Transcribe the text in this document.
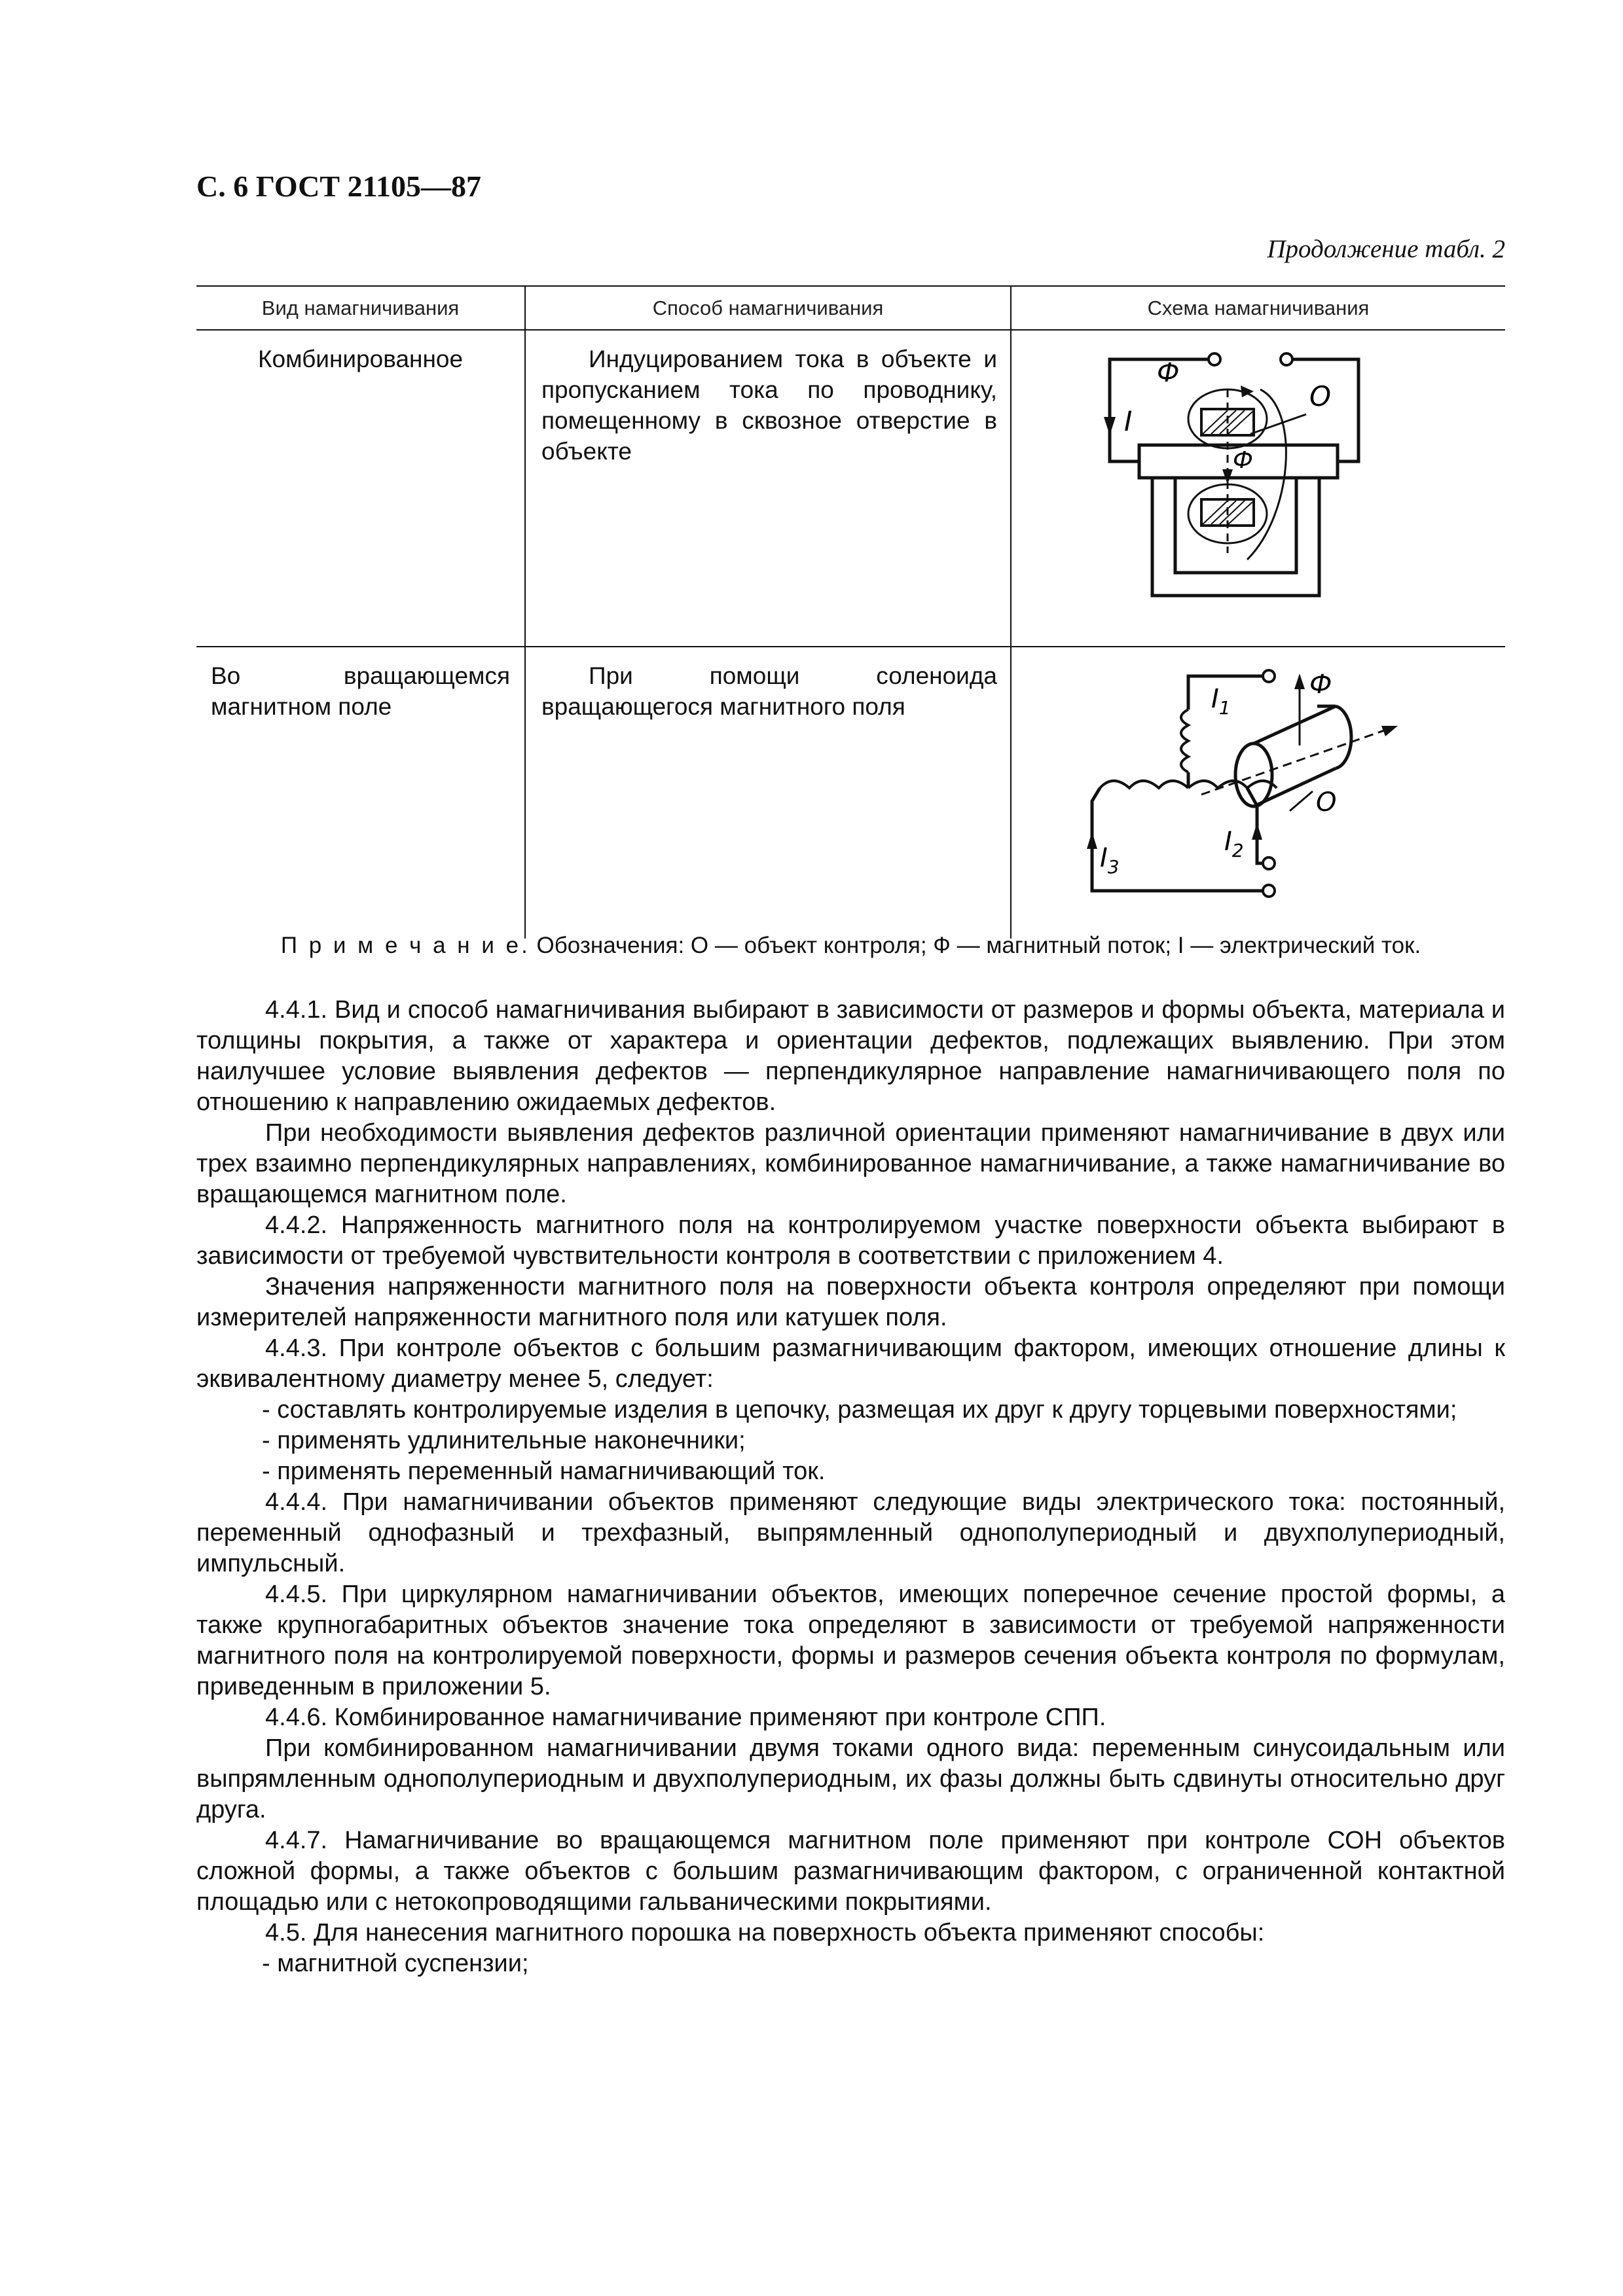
С. 6 ГОСТ 21105—87
Продолжение табл. 2
Вид намагничивания	Способ намагничивания	Схема намагничивания
Комбинированное	Индуцированием тока в объекте и пропусканием тока по проводнику, помещенному в сквозное отверстие в объекте	Ф
I
О
Ф

Во вращающемся магнитном поле	При помощи соленоида вращающегося магнитного поля	$I_1$
Ф
О
$I_2$
$I_3$
П р и м е ч а н и е. Обозначения: О — объект контроля; Ф — магнитный поток; I — электрический ток.

4.4.1. Вид и способ намагничивания выбирают в зависимости от размеров и формы объекта, материала и толщины покрытия, а также от характера и ориентации дефектов, подлежащих выявлению. При этом наилучшее условие выявления дефектов — перпендикулярное направление намагничивающего поля по отношению к направлению ожидаемых дефектов.

При необходимости выявления дефектов различной ориентации применяют намагничивание в двух или трех взаимно перпендикулярных направлениях, комбинированное намагничивание, а также намагничивание во вращающемся магнитном поле.

4.4.2. Напряженность магнитного поля на контролируемом участке поверхности объекта выбирают в зависимости от требуемой чувствительности контроля в соответствии с приложением 4.

Значения напряженности магнитного поля на поверхности объекта контроля определяют при помощи измерителей напряженности магнитного поля или катушек поля.

4.4.3. При контроле объектов с большим размагничивающим фактором, имеющих отношение длины к эквивалентному диаметру менее 5, следует:

- составлять контролируемые изделия в цепочку, размещая их друг к другу торцевыми поверхностями;

- применять удлинительные наконечники;

- применять переменный намагничивающий ток.

4.4.4. При намагничивании объектов применяют следующие виды электрического тока: постоянный, переменный однофазный и трехфазный, выпрямленный однополупериодный и двухполупериодный, импульсный.

4.4.5. При циркулярном намагничивании объектов, имеющих поперечное сечение простой формы, а также крупногабаритных объектов значение тока определяют в зависимости от требуемой напряженности магнитного поля на контролируемой поверхности, формы и размеров сечения объекта контроля по формулам, приведенным в приложении 5.

4.4.6. Комбинированное намагничивание применяют при контроле СПП.

При комбинированном намагничивании двумя токами одного вида: переменным синусоидальным или выпрямленным однополупериодным и двухполупериодным, их фазы должны быть сдвинуты относительно друг друга.

4.4.7. Намагничивание во вращающемся магнитном поле применяют при контроле СОН объектов сложной формы, а также объектов с большим размагничивающим фактором, с ограниченной контактной площадью или с нетокопроводящими гальваническими покрытиями.

4.5. Для нанесения магнитного порошка на поверхность объекта применяют способы:

- магнитной суспензии;
